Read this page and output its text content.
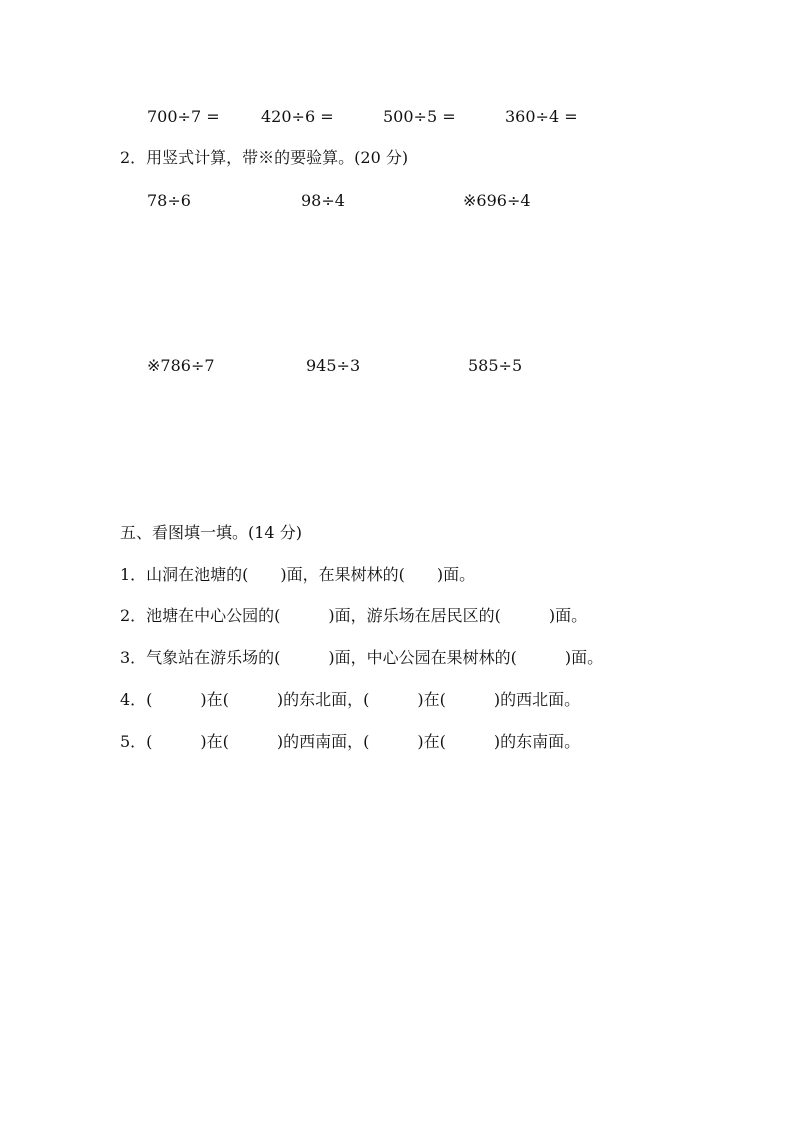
700÷7 =	420÷6 =	500÷5 =	360÷4 =
2．用竖式计算，带※的要验算。(20 分)
78÷6	98÷4	※696÷4
※786÷7	945÷3	585÷5
五、看图填一填。(14 分)
1．山洞在池塘的(　　)面，在果树林的(　　)面。
2．池塘在中心公园的(　　　)面，游乐场在居民区的(　　　)面。
3．气象站在游乐场的(　　　)面，中心公园在果树林的(　　　)面。
4．(　　　)在(　　　)的东北面，(　　　)在(　　　)的西北面。
5．(　　　)在(　　　)的西南面，(　　　)在(　　　)的东南面。
